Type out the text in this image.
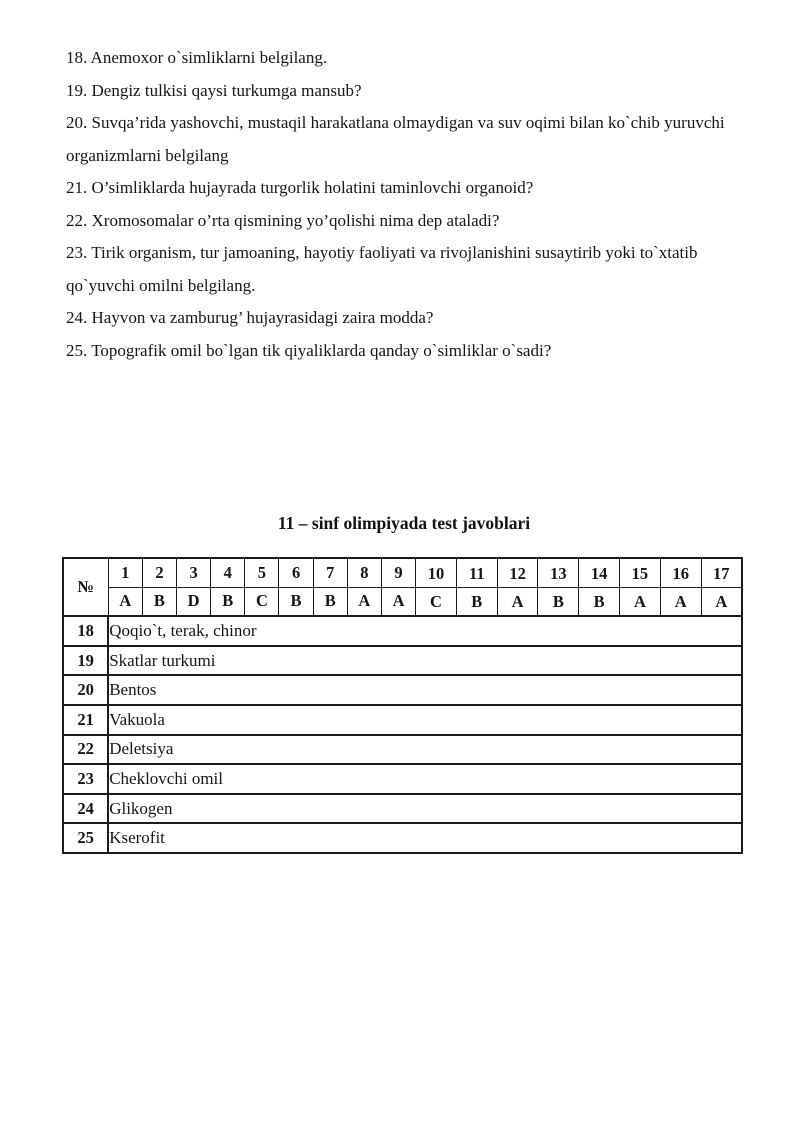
18. Anemoxor o`simliklarni belgilang.

19. Dengiz tulkisi qaysi turkumga mansub?

20. Suvqa’rida yashovchi, mustaqil harakatlana olmaydigan va suv oqimi bilan ko`chib yuruvchi organizmlarni belgilang

21. O’simliklarda hujayrada turgorlik holatini taminlovchi organoid?

22. Xromosomalar o’rta qismining yo’qolishi nima dep ataladi?

23. Tirik organism, tur jamoaning, hayotiy faoliyati va rivojlanishini susaytirib yoki to`xtatib qo`yuvchi omilni belgilang.

24. Hayvon va zamburug’ hujayrasidagi zaira modda?

25. Topografik omil bo`lgan tik qiyaliklarda qanday o`simliklar o`sadi?

11 – sinf olimpiyada test javoblari
№	1	2	3	4	5	6	7	8	9	10	11	12	13	14	15	16	17
	A	B	D	B	C	B	B	A	A	C	B	A	B	B	A	A	A
18	Qoqio`t, terak, chinor																
19	Skatlar turkumi																
20	Bentos																
21	Vakuola																
22	Deletsiya																
23	Cheklovchi omil																
24	Glikogen																
25	Kserofit																
